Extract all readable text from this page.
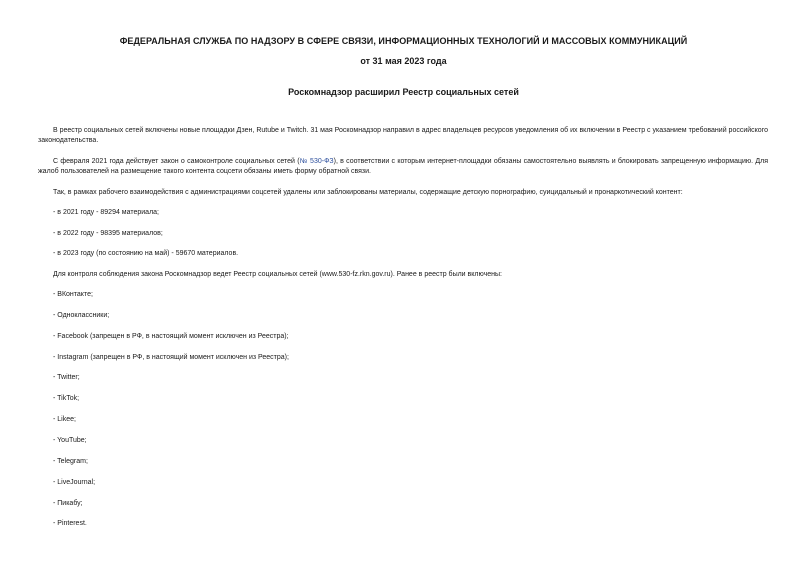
ФЕДЕРАЛЬНАЯ СЛУЖБА ПО НАДЗОРУ В СФЕРЕ СВЯЗИ, ИНФОРМАЦИОННЫХ ТЕХНОЛОГИЙ И МАССОВЫХ КОММУНИКАЦИЙ
от 31 мая 2023 года
Роскомнадзор расширил Реестр социальных сетей

В реестр социальных сетей включены новые площадки Дзен, Rutube и Twitch. 31 мая Роскомнадзор направил в адрес владельцев ресурсов уведомления об их включении в Реестр с указанием требований российского законодательства.

С февраля 2021 года действует закон о самоконтроле социальных сетей (№ 530-ФЗ), в соответствии с которым интернет-площадки обязаны самостоятельно выявлять и блокировать запрещенную информацию. Для жалоб пользователей на размещение такого контента соцсети обязаны иметь форму обратной связи.

Так, в рамках рабочего взаимодействия с администрациями соцсетей удалены или заблокированы материалы, содержащие детскую порнографию, суицидальный и пронаркотический контент:

- в 2021 году - 89294 материала;
- в 2022 году - 98395 материалов;
- в 2023 году (по состоянию на май) - 59670 материалов.

Для контроля соблюдения закона Роскомнадзор ведет Реестр социальных сетей (www.530-fz.rkn.gov.ru). Ранее в реестр были включены:

- ВКонтакте;
- Одноклассники;
- Facebook (запрещен в РФ, в настоящий момент исключен из Реестра);
- Instagram (запрещен в РФ, в настоящий момент исключен из Реестра);
- Twitter;
- TikTok;
- Likee;
- YouTube;
- Telegram;
- LiveJournal;
- Пикабу;
- Pinterest.
